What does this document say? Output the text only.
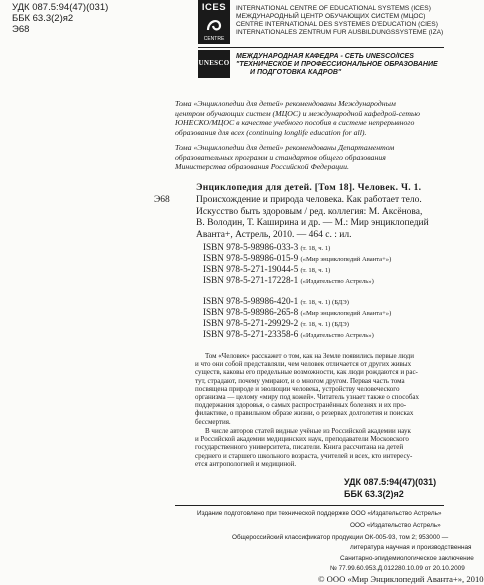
УДК 087.5:94(47)(031)
ББК 63.3(2)я2
Э68
ICES
CENTRE
INTERNATIONAL CENTRE OF EDUCATIONAL SYSTEMS (ICES)
МЕЖДУНАРОДНЫЙ ЦЕНТР ОБУЧАЮЩИХ СИСТЕМ (МЦОС)
CENTRE INTERNATIONAL DES SYSTEMES D'EDUCATION (CIES)
INTERNATIONALES ZENTRUM FUR AUSBILDUNGSSYSTEME (IZA)
UNESCO
МЕЖДУНАРОДНАЯ КАФЕДРА - СЕТЬ UNESCO/ICES
"ТЕХНИЧЕСКОЕ И ПРОФЕССИОНАЛЬНОЕ ОБРАЗОВАНИЕ
И ПОДГОТОВКА КАДРОВ"
Тома «Энциклопедии для детей» рекомендованы Международным
центром обучающих систем (МЦОС) и международной кафедрой-сетью
ЮНЕСКО/МЦОС в качестве учебного пособия в системе непрерывного
образования для всех (continuing longlife education for all).
Тома «Энциклопедии для детей» рекомендованы Департаментом
образовательных программ и стандартов общего образования
Министерства образования Российской Федерации.
Э68
Энциклопедия для детей. [Том 18]. Человек. Ч. 1.
Происхождение и природа человека. Как работает тело.
Искусство быть здоровым / ред. коллегия: М. Аксёнова,
В. Володин, Т. Каширина и др. — М.: Мир энциклопедий
Аванта+, Астрель, 2010. — 464 с. : ил.
ISBN 978-5-98986-033-3 (т. 18, ч. 1)
ISBN 978-5-98986-015-9 («Мир энциклопедий Аванта+»)
ISBN 978-5-271-19044-5 (т. 18, ч. 1)
ISBN 978-5-271-17228-1 («Издательство Астрель»)
ISBN 978-5-98986-420-1 (т. 18, ч. 1) (БДЭ)
ISBN 978-5-98986-265-8 («Мир энциклопедий Аванта+»)
ISBN 978-5-271-29929-2 (т. 18, ч. 1) (БДЭ)
ISBN 978-5-271-23358-6 («Издательство Астрель»)
Том «Человек» расскажет о том, как на Земле появились первые люди
и что они собой представляли, чем человек отличается от других живых
существ, каковы его предельные возможности, как люди рождаются и рас-
тут, страдают, почему умирают, и о многом другом. Первая часть тома
посвящена природе и эволюции человека, устройству человеческого
организма — целому «миру под кожей». Читатель узнает также о способах
поддержания здоровья, о самых распространённых болезнях и их про-
филактике, о правильном образе жизни, о резервах долголетия и поисках
бессмертия.
В числе авторов статей видные учёные из Российской академии наук
и Российской академии медицинских наук, преподаватели Московского
государственного университета, писатели. Книга рассчитана на детей
среднего и старшего школьного возраста, учителей и всех, кто интересу-
ется антропологией и медициной.
УДК 087.5:94(47)(031)
ББК 63.3(2)я2
Издание подготовлено при технической поддержке ООО «Издательство Астрель»
ООО «Издательство Астрель»
Общероссийский классификатор продукции ОК-005-93, том 2; 953000 —
литература научная и производственная
Санитарно-эпидемиологическое заключение
№ 77.99.60.953.Д.012280.10.09 от 20.10.2009
© ООО «Мир Энциклопедий Аванта+», 2010
